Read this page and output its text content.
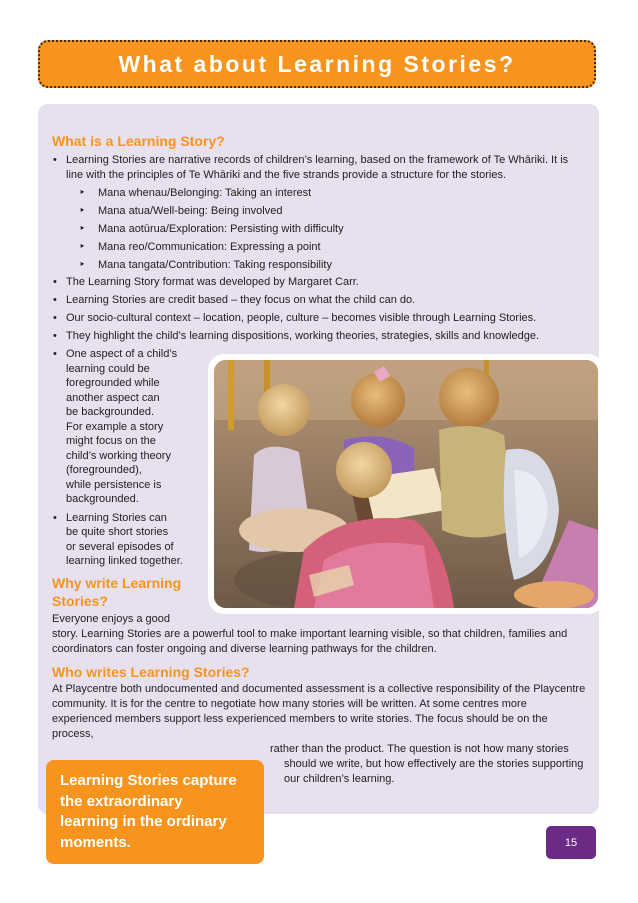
What about Learning Stories?
What is a Learning Story?
• Learning Stories are narrative records of children’s learning, based on the framework of Te Whāriki. It is line with the principles of Te Whāriki and the five strands provide a structure for the stories.
‣ Mana whenau/Belonging: Taking an interest
‣ Mana atua/Well-being: Being involved
‣ Mana aotūrua/Exploration: Persisting with difficulty
‣ Mana reo/Communication: Expressing a point
‣ Mana tangata/Contribution: Taking responsibility
• The Learning Story format was developed by Margaret Carr.
• Learning Stories are credit based – they focus on what the child can do.
• Our socio-cultural context – location, people, culture – becomes visible through Learning Stories.
• They highlight the child’s learning dispositions, working theories, strategies, skills and knowledge.
• One aspect of a child’s
learning could be
foregrounded while
another aspect can
be backgrounded.
For example a story
might focus on the
child’s working theory
(foregrounded),
while persistence is
backgrounded.
• Learning Stories can
be quite short stories
or several episodes of
learning linked together.
Why write Learning
Stories?
Everyone enjoys a good
story. Learning Stories are a powerful tool to make important learning visible, so that children, families and
coordinators can foster ongoing and diverse learning pathways for the children.
Who writes Learning Stories?
At Playcentre both undocumented and documented assessment is a collective responsibility of the Playcentre
community. It is for the centre to negotiate how many stories will be written. At some centres more
experienced members support less experienced members to write stories. The focus should be on the process,
rather than the product. The question is not how many stories
should we write, but how effectively are the stories supporting
our children’s learning.
Learning Stories capture
the extraordinary
learning in the ordinary
moments.	15
